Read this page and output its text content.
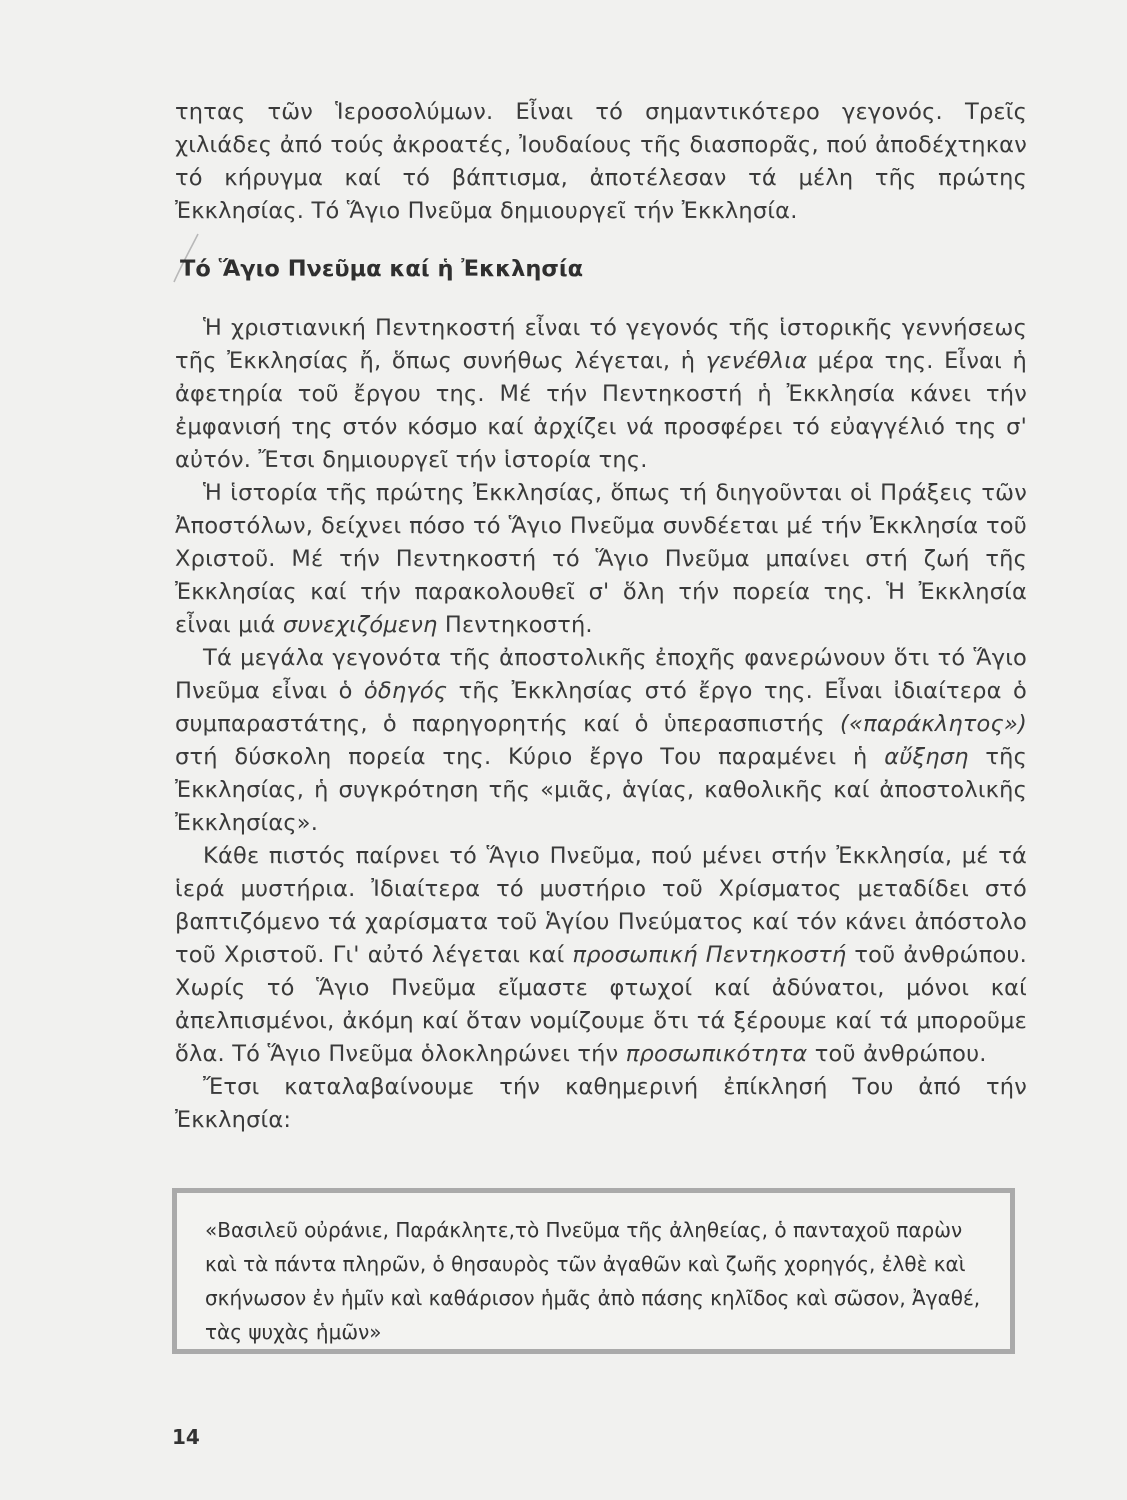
τητας τῶν Ἱεροσολύμων. Εἶναι τό σημαντικότερο γεγονός. Τρεῖς χιλιάδες ἀπό τούς ἀκροατές, Ἰουδαίους τῆς διασπορᾶς, πού ἀποδέχτηκαν τό κήρυγμα καί τό βάπτισμα, ἀποτέλεσαν τά μέλη τῆς πρώτης Ἐκκλησίας. Τό Ἅγιο Πνεῦμα δημιουργεῖ τήν Ἐκκλησία.

Τό Ἅγιο Πνεῦμα καί ἡ Ἐκκλησία

Ἡ χριστιανική Πεντηκοστή εἶναι τό γεγονός τῆς ἱστορικῆς γεννήσεως τῆς Ἐκκλησίας ἤ, ὅπως συνήθως λέγεται, ἡ γενέθλια μέρα της. Εἶναι ἡ ἀφετηρία τοῦ ἔργου της. Μέ τήν Πεντηκοστή ἡ Ἐκκλησία κάνει τήν ἐμφανισή της στόν κόσμο καί ἀρχίζει νά προσφέρει τό εὐαγγέλιό της σ' αὐτόν. Ἔτσι δημιουργεῖ τήν ἱστορία της.

Ἡ ἱστορία τῆς πρώτης Ἐκκλησίας, ὅπως τή διηγοῦνται οἱ Πράξεις τῶν Ἀποστόλων, δείχνει πόσο τό Ἅγιο Πνεῦμα συνδέεται μέ τήν Ἐκκλησία τοῦ Χριστοῦ. Μέ τήν Πεντηκοστή τό Ἅγιο Πνεῦμα μπαίνει στή ζωή τῆς Ἐκκλησίας καί τήν παρακολουθεῖ σ' ὅλη τήν πορεία της. Ἡ Ἐκκλησία εἶναι μιά συνεχιζόμενη Πεντηκοστή.

Τά μεγάλα γεγονότα τῆς ἀποστολικῆς ἐποχῆς φανερώνουν ὅτι τό Ἅγιο Πνεῦμα εἶναι ὁ ὁδηγός τῆς Ἐκκλησίας στό ἔργο της. Εἶναι ἰδιαίτερα ὁ συμπαραστάτης, ὁ παρηγορητής καί ὁ ὑπερασπιστής («παράκλητος») στή δύσκολη πορεία της. Κύριο ἔργο Του παραμένει ἡ αὔξηση τῆς Ἐκκλησίας, ἡ συγκρότηση τῆς «μιᾶς, ἁγίας, καθολικῆς καί ἀποστολικῆς Ἐκκλησίας».

Κάθε πιστός παίρνει τό Ἅγιο Πνεῦμα, πού μένει στήν Ἐκκλησία, μέ τά ἱερά μυστήρια. Ἰδιαίτερα τό μυστήριο τοῦ Χρίσματος μεταδίδει στό βαπτιζόμενο τά χαρίσματα τοῦ Ἁγίου Πνεύματος καί τόν κάνει ἀπόστολο τοῦ Χριστοῦ. Γι' αὐτό λέγεται καί προσωπική Πεντηκοστή τοῦ ἀνθρώπου. Χωρίς τό Ἅγιο Πνεῦμα εἴμαστε φτωχοί καί ἀδύνατοι, μόνοι καί ἀπελπισμένοι, ἀκόμη καί ὅταν νομίζουμε ὅτι τά ξέρουμε καί τά μποροῦμε ὅλα. Τό Ἅγιο Πνεῦμα ὁλοκληρώνει τήν προσωπικότητα τοῦ ἀνθρώπου.

Ἔτσι καταλαβαίνουμε τήν καθημερινή ἐπίκλησή Του ἀπό τήν Ἐκκλησία:

«Βασιλεῦ οὐράνιε, Παράκλητε,τὸ Πνεῦμα τῆς ἀληθείας, ὁ πανταχοῦ παρὼν καὶ τὰ πάντα πληρῶν, ὁ θησαυρὸς τῶν ἀγαθῶν καὶ ζωῆς χορηγός, ἐλθὲ καὶ σκήνωσον ἐν ἡμῖν καὶ καθάρισον ἡμᾶς ἀπὸ πάσης κηλῖδος καὶ σῶσον, Ἀγαθέ, τὰς ψυχὰς ἡμῶν»

14
